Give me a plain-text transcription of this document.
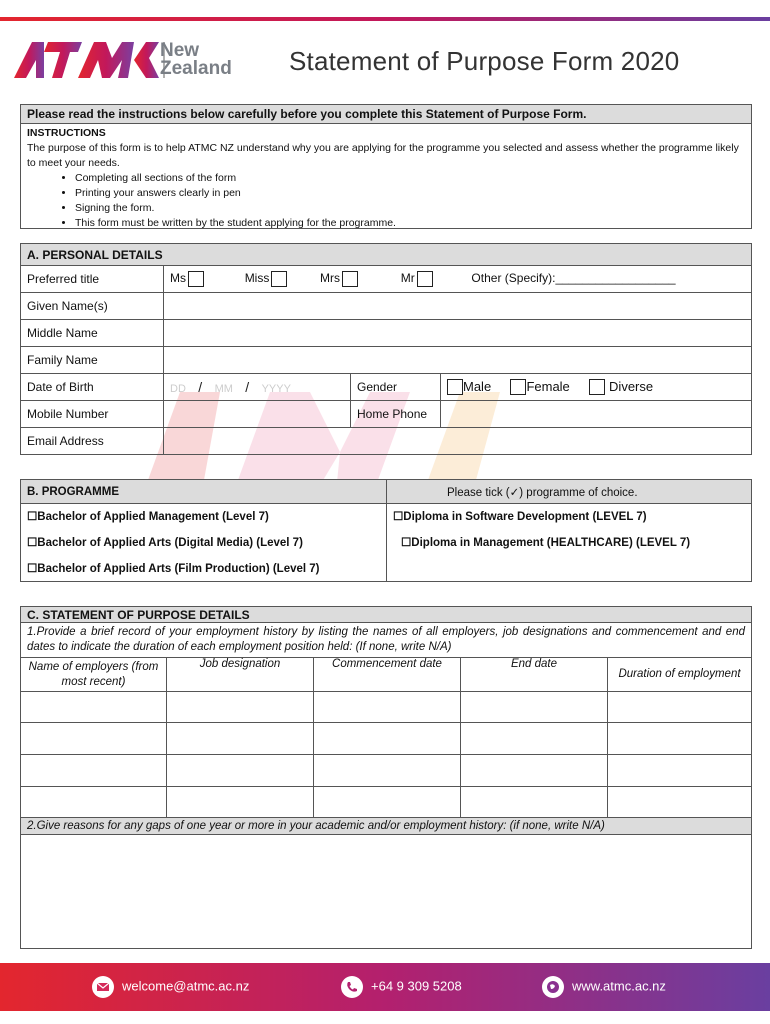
New
Zealand Statement of Purpose Form 2020
Please read the instructions below carefully before you complete this Statement of Purpose Form.
INSTRUCTIONS
The purpose of this form is to help ATMC NZ understand why you are applying for the programme you selected and assess whether the programme likely to meet your needs.
• Completing all sections of the form
• Printing your answers clearly in pen
• Signing the form.
• This form must be written by the student applying for the programme.
A. PERSONAL DETAILS			
Preferred title	Ms Miss Mrs Mr Other (Specify):__________________		
Given Name(s)			
Middle Name			
Family Name			
Date of Birth	DD / MM / YYYY	Gender	Male Female Diverse
Mobile Number		Home Phone	
Email Address			
B. PROGRAMME	Please tick (✓) programme of choice.
☐Bachelor of Applied Management (Level 7)	☐Diploma in Software Development (LEVEL 7)
☐Bachelor of Applied Arts (Digital Media) (Level 7)	☐Diploma in Management (HEALTHCARE) (LEVEL 7)
☐Bachelor of Applied Arts (Film Production) (Level 7)	
C. STATEMENT OF PURPOSE DETAILS				
1.Provide a brief record of your employment history by listing the names of all employers, job designations and commencement and end dates to indicate the duration of each employment position held: (If none, write N/A)				
Name of employers (from most recent)	Job designation	Commencement date	End date	Duration of employment

2.Give reasons for any gaps of one year or more in your academic and/or employment history: (if none, write N/A)				

welcome@atmc.ac.nz	+64 9 309 5208	www.atmc.ac.nz
